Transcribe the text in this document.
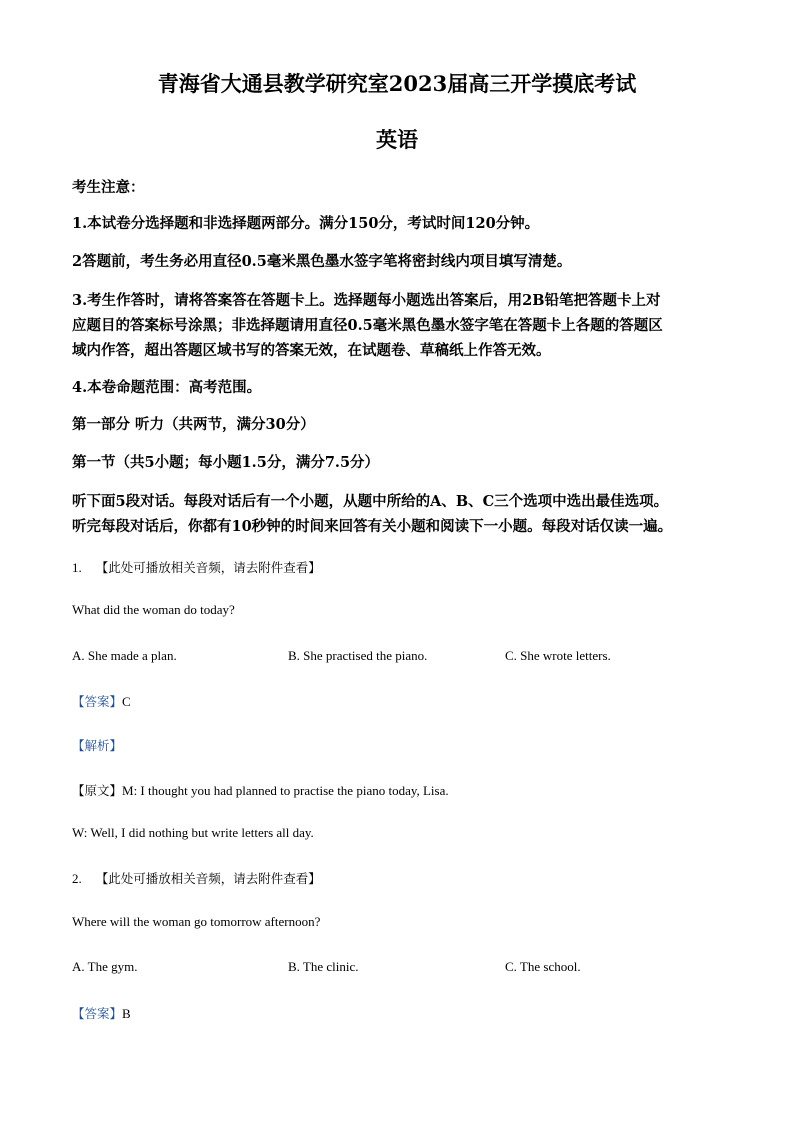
青海省大通县教学研究室2023届高三开学摸底考试
英语
考生注意：
1.本试卷分选择题和非选择题两部分。满分150分，考试时间120分钟。
2答题前，考生务必用直径0.5毫米黑色墨水签字笔将密封线内项目填写清楚。
3.考生作答时，请将答案答在答题卡上。选择题每小题选出答案后，用2B铅笔把答题卡上对
应题目的答案标号涂黑；非选择题请用直径0.5毫米黑色墨水签字笔在答题卡上各题的答题区
域内作答，超出答题区域书写的答案无效，在试题卷、草稿纸上作答无效。
4.本卷命题范围：高考范围。
第一部分 听力（共两节，满分30分）
第一节（共5小题；每小题1.5分，满分7.5分）
听下面5段对话。每段对话后有一个小题，从题中所给的A、B、C三个选项中选出最佳选项。
听完每段对话后，你都有10秒钟的时间来回答有关小题和阅读下一小题。每段对话仅读一遍。
1. 【此处可播放相关音频，请去附件查看】
What did the woman do today?
A. She made a plan.	B. She practised the piano.	C. She wrote letters.
【答案】C
【解析】
【原文】M: I thought you had planned to practise the piano today, Lisa.
W: Well, I did nothing but write letters all day.
2. 【此处可播放相关音频，请去附件查看】
Where will the woman go tomorrow afternoon?
A. The gym.	B. The clinic.	C. The school.
【答案】B
